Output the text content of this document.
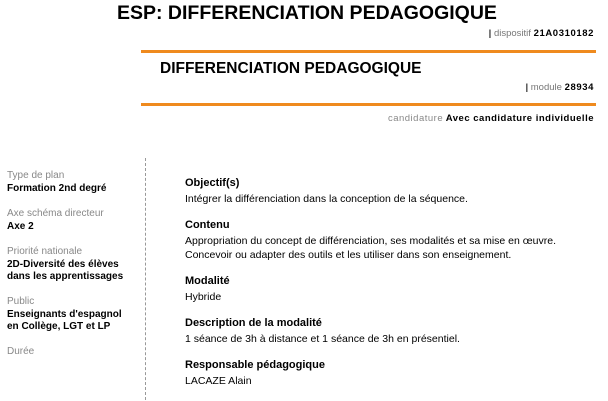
ESP: DIFFERENCIATION PEDAGOGIQUE
| dispositif 21A0310182
DIFFERENCIATION PEDAGOGIQUE
| module 28934
candidature Avec candidature individuelle
Type de plan
Formation 2nd degré
Axe schéma directeur
Axe 2
Priorité nationale
2D-Diversité des élèves dans les apprentissages
Public
Enseignants d'espagnol en Collège, LGT et LP
Durée
Objectif(s)
Intégrer la différenciation dans la conception de la séquence.
Contenu
Appropriation du concept de différenciation, ses modalités et sa mise en œuvre. Concevoir ou adapter des outils et les utiliser dans son enseignement.
Modalité
Hybride
Description de la modalité
1 séance de 3h à distance et 1 séance de 3h en présentiel.
Responsable pédagogique
LACAZE Alain
